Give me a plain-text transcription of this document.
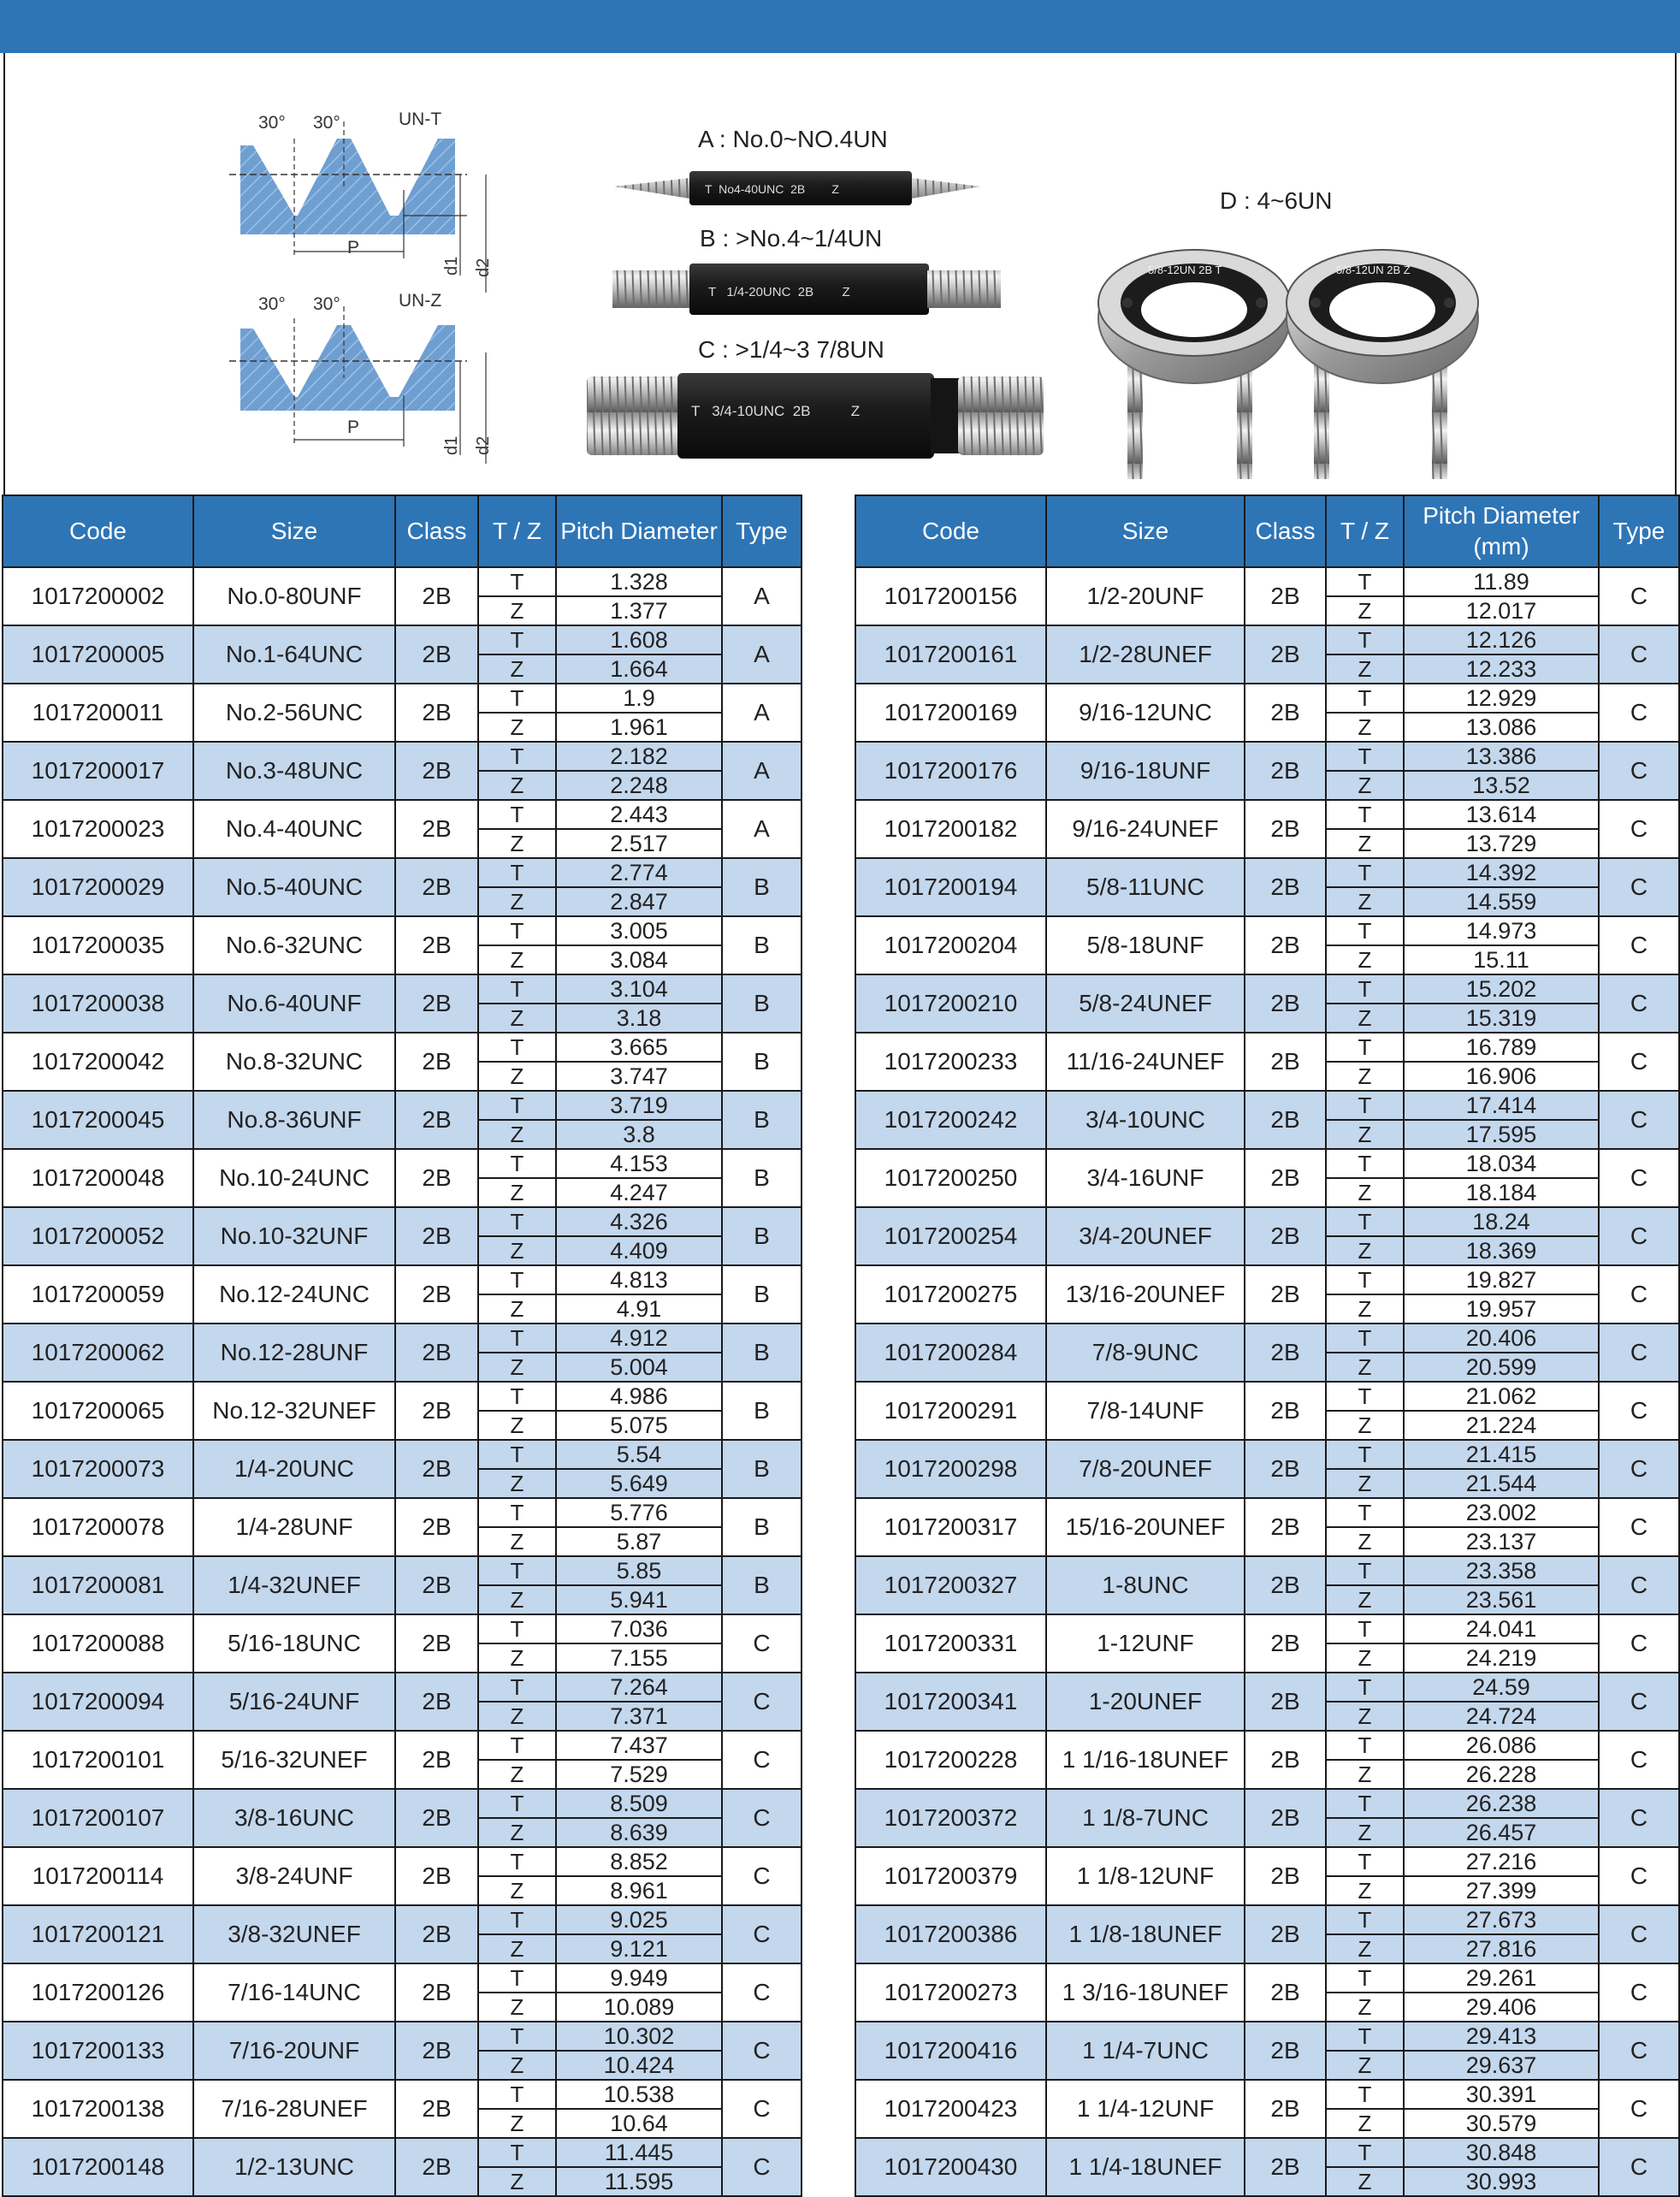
30° 30°	UN-T
P
d1 d2
30° 30°	UN-Z
P
d1 d2
A : No.0~NO.4UN
T  No4-40UNC  2B        Z
B : >No.4~1/4UN
T   1/4-20UNC  2B        Z
C : >1/4~3 7/8UN
T   3/4-10UNC  2B          Z
D : 4~6UN
5/8-12UN 2B T	5/8-12UN 2B Z
Code	Size	Class	T / Z	Pitch Diameter	Type
1017200002	No.0-80UNF	2B	T	1.328	A
			Z	1.377	
1017200005	No.1-64UNC	2B	T	1.608	A
			Z	1.664	
1017200011	No.2-56UNC	2B	T	1.9	A
			Z	1.961	
1017200017	No.3-48UNC	2B	T	2.182	A
			Z	2.248	
1017200023	No.4-40UNC	2B	T	2.443	A
			Z	2.517	
1017200029	No.5-40UNC	2B	T	2.774	B
			Z	2.847	
1017200035	No.6-32UNC	2B	T	3.005	B
			Z	3.084	
1017200038	No.6-40UNF	2B	T	3.104	B
			Z	3.18	
1017200042	No.8-32UNC	2B	T	3.665	B
			Z	3.747	
1017200045	No.8-36UNF	2B	T	3.719	B
			Z	3.8	
1017200048	No.10-24UNC	2B	T	4.153	B
			Z	4.247	
1017200052	No.10-32UNF	2B	T	4.326	B
			Z	4.409	
1017200059	No.12-24UNC	2B	T	4.813	B
			Z	4.91	
1017200062	No.12-28UNF	2B	T	4.912	B
			Z	5.004	
1017200065	No.12-32UNEF	2B	T	4.986	B
			Z	5.075	
1017200073	1/4-20UNC	2B	T	5.54	B
			Z	5.649	
1017200078	1/4-28UNF	2B	T	5.776	B
			Z	5.87	
1017200081	1/4-32UNEF	2B	T	5.85	B
			Z	5.941	
1017200088	5/16-18UNC	2B	T	7.036	C
			Z	7.155	
1017200094	5/16-24UNF	2B	T	7.264	C
			Z	7.371	
1017200101	5/16-32UNEF	2B	T	7.437	C
			Z	7.529	
1017200107	3/8-16UNC	2B	T	8.509	C
			Z	8.639	
1017200114	3/8-24UNF	2B	T	8.852	C
			Z	8.961	
1017200121	3/8-32UNEF	2B	T	9.025	C
			Z	9.121	
1017200126	7/16-14UNC	2B	T	9.949	C
			Z	10.089	
1017200133	7/16-20UNF	2B	T	10.302	C
			Z	10.424	
1017200138	7/16-28UNEF	2B	T	10.538	C
			Z	10.64	
1017200148	1/2-13UNC	2B	T	11.445	C
			Z	11.595	
Code	Size	Class	T / Z	Pitch Diameter (mm)	Type
1017200156	1/2-20UNF	2B	T	11.89	C
			Z	12.017	
1017200161	1/2-28UNEF	2B	T	12.126	C
			Z	12.233	
1017200169	9/16-12UNC	2B	T	12.929	C
			Z	13.086	
1017200176	9/16-18UNF	2B	T	13.386	C
			Z	13.52	
1017200182	9/16-24UNEF	2B	T	13.614	C
			Z	13.729	
1017200194	5/8-11UNC	2B	T	14.392	C
			Z	14.559	
1017200204	5/8-18UNF	2B	T	14.973	C
			Z	15.11	
1017200210	5/8-24UNEF	2B	T	15.202	C
			Z	15.319	
1017200233	11/16-24UNEF	2B	T	16.789	C
			Z	16.906	
1017200242	3/4-10UNC	2B	T	17.414	C
			Z	17.595	
1017200250	3/4-16UNF	2B	T	18.034	C
			Z	18.184	
1017200254	3/4-20UNEF	2B	T	18.24	C
			Z	18.369	
1017200275	13/16-20UNEF	2B	T	19.827	C
			Z	19.957	
1017200284	7/8-9UNC	2B	T	20.406	C
			Z	20.599	
1017200291	7/8-14UNF	2B	T	21.062	C
			Z	21.224	
1017200298	7/8-20UNEF	2B	T	21.415	C
			Z	21.544	
1017200317	15/16-20UNEF	2B	T	23.002	C
			Z	23.137	
1017200327	1-8UNC	2B	T	23.358	C
			Z	23.561	
1017200331	1-12UNF	2B	T	24.041	C
			Z	24.219	
1017200341	1-20UNEF	2B	T	24.59	C
			Z	24.724	
1017200228	1 1/16-18UNEF	2B	T	26.086	C
			Z	26.228	
1017200372	1 1/8-7UNC	2B	T	26.238	C
			Z	26.457	
1017200379	1 1/8-12UNF	2B	T	27.216	C
			Z	27.399	
1017200386	1 1/8-18UNEF	2B	T	27.673	C
			Z	27.816	
1017200273	1 3/16-18UNEF	2B	T	29.261	C
			Z	29.406	
1017200416	1 1/4-7UNC	2B	T	29.413	C
			Z	29.637	
1017200423	1 1/4-12UNF	2B	T	30.391	C
			Z	30.579	
1017200430	1 1/4-18UNEF	2B	T	30.848	C
			Z	30.993	
